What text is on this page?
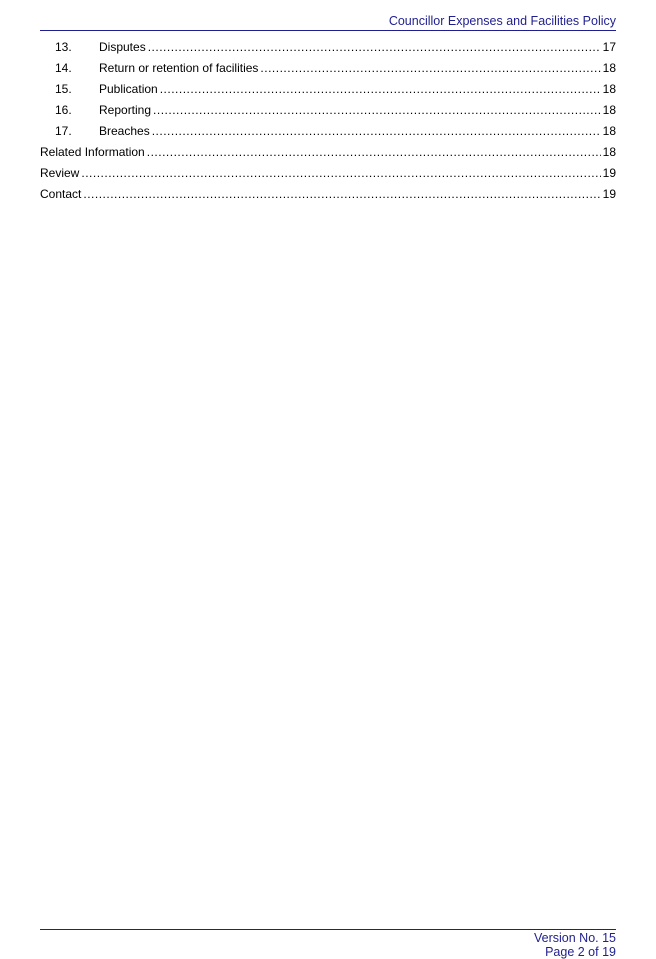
Councillor Expenses and Facilities Policy
13.	Disputes .....	17
14.	Return or retention of facilities .....	18
15.	Publication .....	18
16.	Reporting .....	18
17.	Breaches .....	18
Related Information .....	18
Review .....	19
Contact .....	19
Version No. 15
Page 2 of 19
